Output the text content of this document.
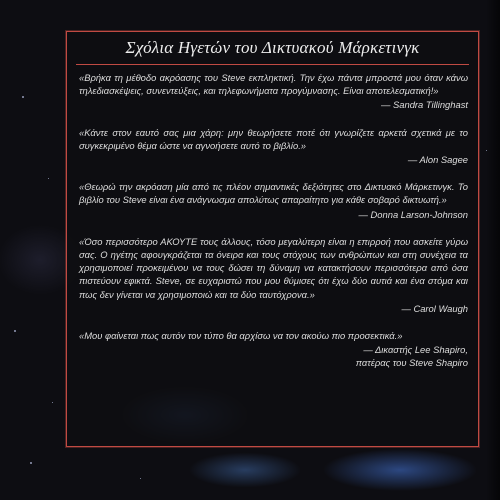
Σχόλια Ηγετών του Δικτυακού Μάρκετινγκ

«Βρήκα τη μέθοδο ακρόασης του Steve εκπληκτική. Την έχω πάντα μπροστά μου όταν κάνω τηλεδιασκέψεις, συνεντεύξεις, και τηλεφωνήματα προγύμνασης. Είναι αποτελεσματική!»

— Sandra Tillinghast

«Κάντε στον εαυτό σας μια χάρη: μην θεωρήσετε ποτέ ότι γνωρίζετε αρκετά σχετικά με το συγκεκριμένο θέμα ώστε να αγνοήσετε αυτό το βιβλίο.»

— Alon Sagee

«Θεωρώ την ακρόαση μία από τις πλέον σημαντικές δεξιότητες στο Δικτυακό Μάρκετινγκ. Το βιβλίο του Steve είναι ένα ανάγνωσμα απολύτως απαραίτητο για κάθε σοβαρό δικτυωτή.»

— Donna Larson-Johnson

«Όσο περισσότερο ΑΚΟΥΤΕ τους άλλους, τόσο μεγαλύτερη είναι η επιρροή που ασκείτε γύρω σας. Ο ηγέτης αφουγκράζεται τα όνειρα και τους στόχους των ανθρώπων και στη συνέχεια τα χρησιμοποιεί προκειμένου να τους δώσει τη δύναμη να κατακτήσουν περισσότερα από όσα πιστεύουν εφικτά. Steve, σε ευχαριστώ που μου θύμισες ότι έχω δύο αυτιά και ένα στόμα και πως δεν γίνεται να χρησιμοποιώ και τα δύο ταυτόχρονα.»

— Carol Waugh

«Μου φαίνεται πως αυτόν τον τύπο θα αρχίσω να τον ακούω πιο προσεκτικά.»

— Δικαστής Lee Shapiro,
πατέρας του Steve Shapiro
